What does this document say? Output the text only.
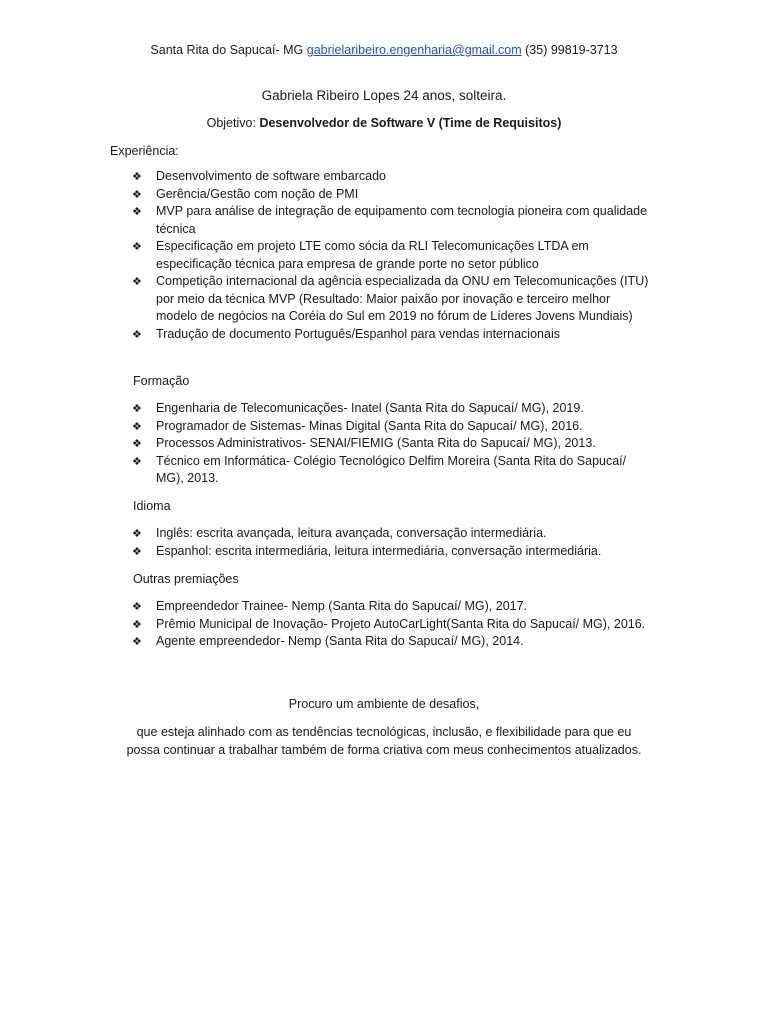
Santa Rita do Sapucaí- MG gabrielaribeiro.engenharia@gmail.com (35) 99819-3713
Gabriela Ribeiro Lopes 24 anos, solteira.
Objetivo: Desenvolvedor de Software V (Time de Requisitos)
Experiência:
❖ Desenvolvimento de software embarcado
❖ Gerência/Gestão com noção de PMI
❖ MVP para análise de integração de equipamento com tecnologia pioneira com qualidade técnica
❖ Especificação em projeto LTE como sócia da RLI Telecomunicações LTDA em especificação técnica para empresa de grande porte no setor público
❖ Competição internacional da agência especializada da ONU em Telecomunicações (ITU) por meio da técnica MVP (Resultado: Maior paixão por inovação e terceiro melhor modelo de negócios na Coréia do Sul em 2019 no fórum de Líderes Jovens Mundiais)
❖ Tradução de documento Português/Espanhol para vendas internacionais
Formação
❖ Engenharia de Telecomunicações- Inatel (Santa Rita do Sapucaí/ MG), 2019.
❖ Programador de Sistemas- Minas Digital (Santa Rita do Sapucaí/ MG), 2016.
❖ Processos Administrativos- SENAI/FIEMIG (Santa Rita do Sapucaí/ MG), 2013.
❖ Técnico em Informática- Colégio Tecnológico Delfim Moreira (Santa Rita do Sapucaí/ MG), 2013.
Idioma
❖ Inglês: escrita avançada, leitura avançada, conversação intermediária.
❖ Espanhol: escrita intermediária, leitura intermediária, conversação intermediária.
Outras premiações
❖ Empreendedor Trainee- Nemp (Santa Rita do Sapucaí/ MG), 2017.
❖ Prêmio Municipal de Inovação- Projeto AutoCarLight(Santa Rita do Sapucaí/ MG), 2016.
❖ Agente empreendedor- Nemp (Santa Rita do Sapucaí/ MG), 2014.
Procuro um ambiente de desafios,
que esteja alinhado com as tendências tecnológicas, inclusão, e flexibilidade para que eu
possa continuar a trabalhar também de forma criativa com meus conhecimentos atualizados.
